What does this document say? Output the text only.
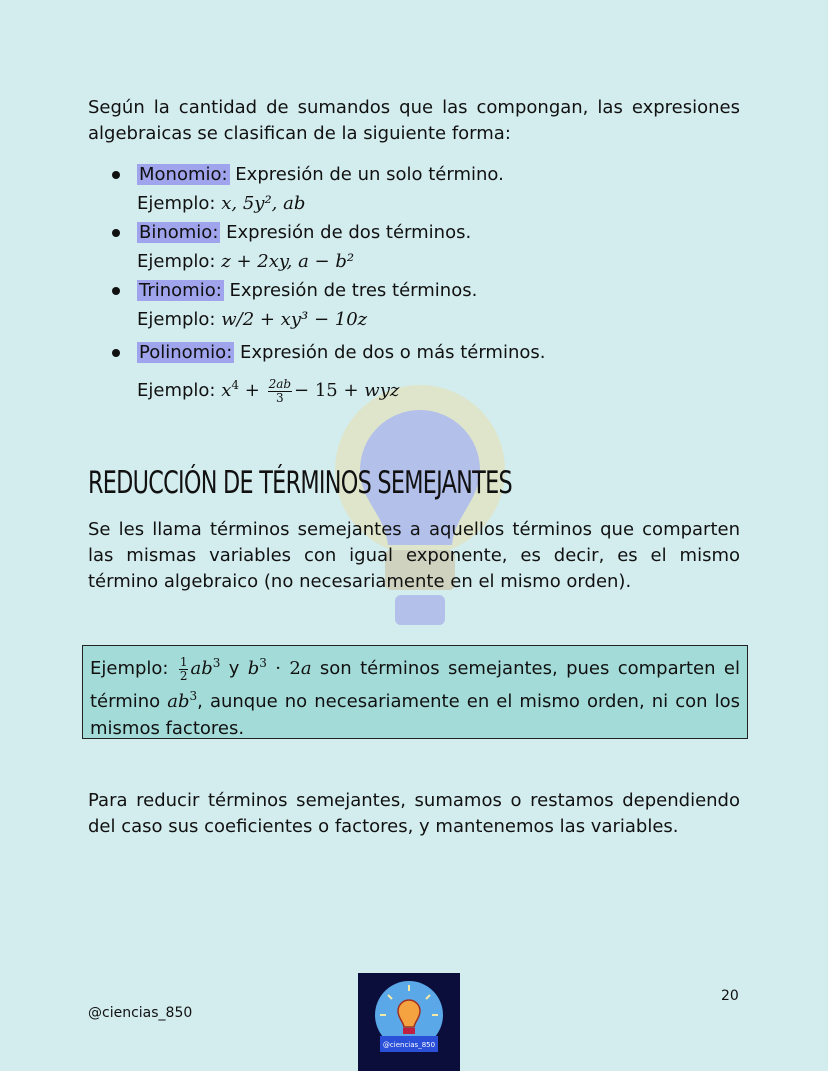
Según la cantidad de sumandos que las compongan, las expresiones algebraicas se clasifican de la siguiente forma:
Monomio: Expresión de un solo término.
Ejemplo: x, 5y², ab
Binomio: Expresión de dos términos.
Ejemplo: z + 2xy, a − b²
Trinomio: Expresión de tres términos.
Ejemplo: w/2 + xy³ − 10z
Polinomio: Expresión de dos o más términos.
Ejemplo: $x^4 + \frac{2ab}{3} - 15$ + wyz
REDUCCIÓN DE TÉRMINOS SEMEJANTES
Se les llama términos semejantes a aquellos términos que comparten las mismas variables con igual exponente, es decir, es el mismo término algebraico (no necesariamente en el mismo orden).
Ejemplo: $\frac{1}{2} ab^3$ y $b^3 \cdot 2a$ son términos semejantes, pues comparten el término $ab^3$, aunque no necesariamente en el mismo orden, ni con los mismos factores.
Para reducir términos semejantes, sumamos o restamos dependiendo del caso sus coeficientes o factores, y mantenemos las variables.
20
@ciencias_850
@ciencias_850
